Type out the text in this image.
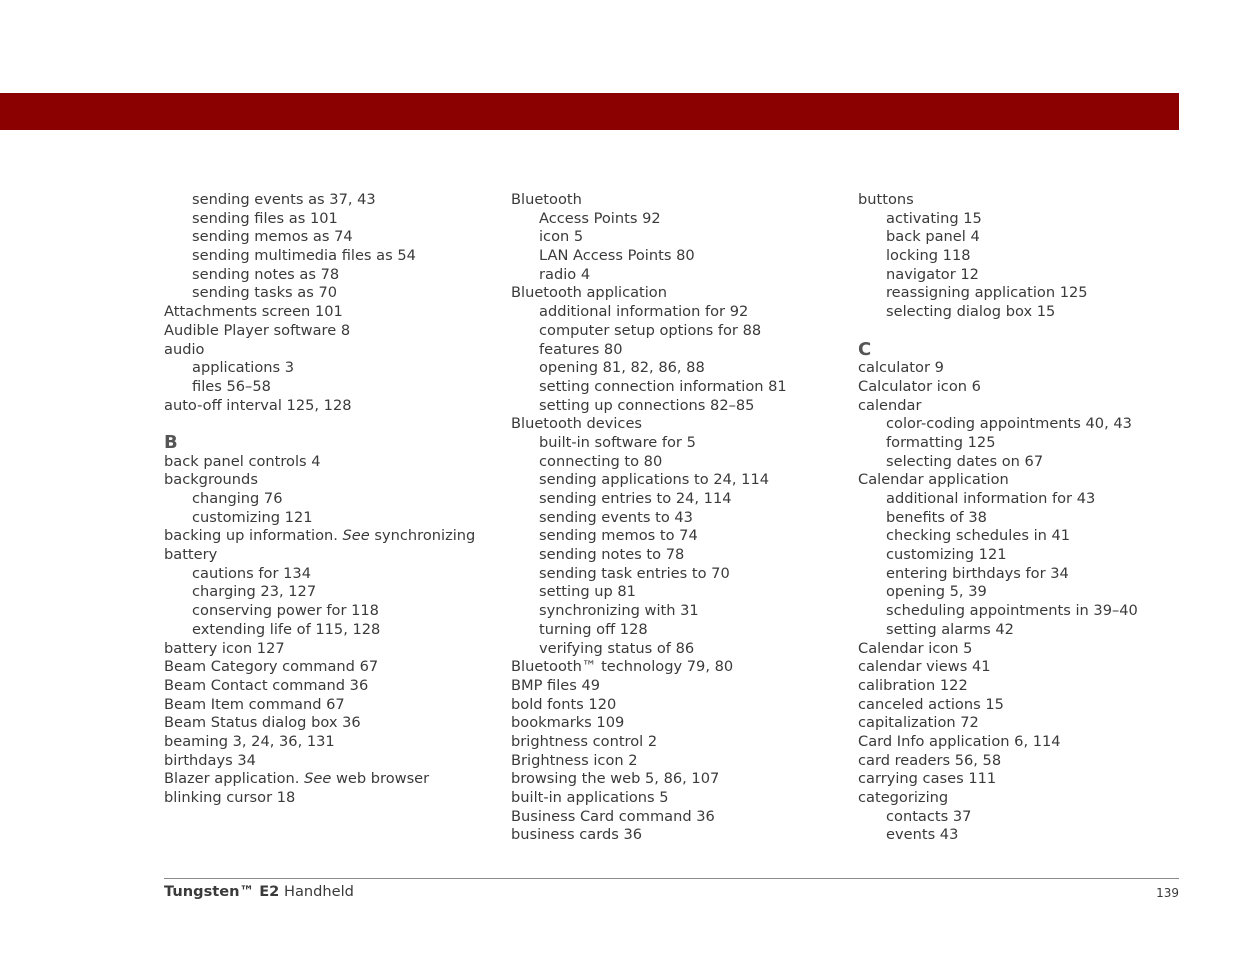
sending events as 37, 43
sending files as 101
sending memos as 74
sending multimedia files as 54
sending notes as 78
sending tasks as 70
Attachments screen 101
Audible Player software 8
audio
applications 3
files 56–58
auto-off interval 125, 128
B
back panel controls 4
backgrounds
changing 76
customizing 121
backing up information. See synchronizing
battery
cautions for 134
charging 23, 127
conserving power for 118
extending life of 115, 128
battery icon 127
Beam Category command 67
Beam Contact command 36
Beam Item command 67
Beam Status dialog box 36
beaming 3, 24, 36, 131
birthdays 34
Blazer application. See web browser
blinking cursor 18
Bluetooth
Access Points 92
icon 5
LAN Access Points 80
radio 4
Bluetooth application
additional information for 92
computer setup options for 88
features 80
opening 81, 82, 86, 88
setting connection information 81
setting up connections 82–85
Bluetooth devices
built-in software for 5
connecting to 80
sending applications to 24, 114
sending entries to 24, 114
sending events to 43
sending memos to 74
sending notes to 78
sending task entries to 70
setting up 81
synchronizing with 31
turning off 128
verifying status of 86
Bluetooth™ technology 79, 80
BMP files 49
bold fonts 120
bookmarks 109
brightness control 2
Brightness icon 2
browsing the web 5, 86, 107
built-in applications 5
Business Card command 36
business cards 36
buttons
activating 15
back panel 4
locking 118
navigator 12
reassigning application 125
selecting dialog box 15
C
calculator 9
Calculator icon 6
calendar
color-coding appointments 40, 43
formatting 125
selecting dates on 67
Calendar application
additional information for 43
benefits of 38
checking schedules in 41
customizing 121
entering birthdays for 34
opening 5, 39
scheduling appointments in 39–40
setting alarms 42
Calendar icon 5
calendar views 41
calibration 122
canceled actions 15
capitalization 72
Card Info application 6, 114
card readers 56, 58
carrying cases 111
categorizing
contacts 37
events 43
Tungsten™ E2 Handheld	139
